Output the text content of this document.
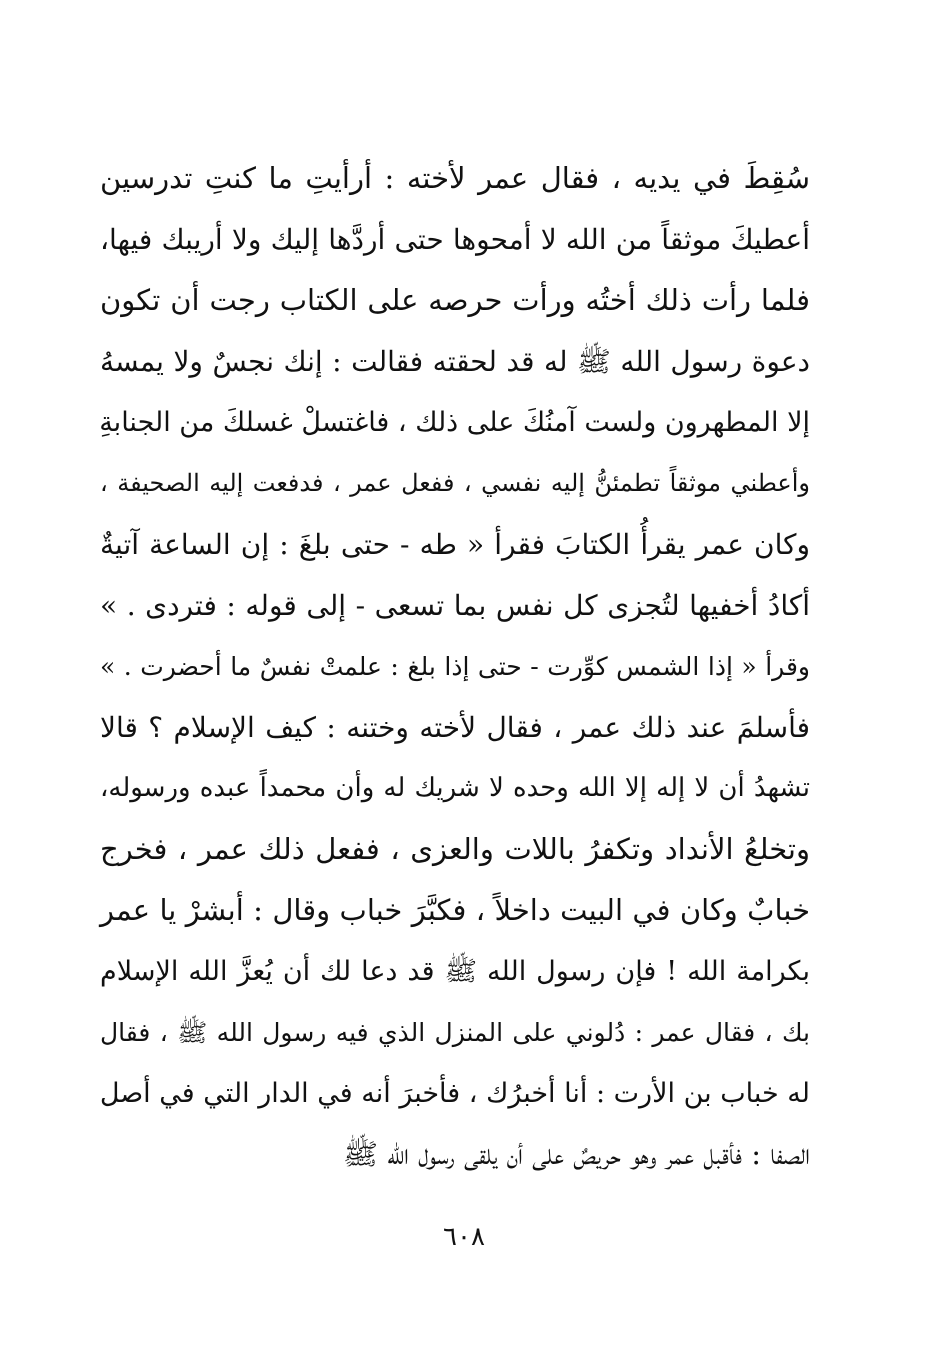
سُقِطَ في يديه ، فقال عمر لأخته : أرأيتِ ما كنتِ تدرسين
أعطيكَ موثقاً من الله لا أمحوها حتى أردَّها إليك ولا أريبك فيها،
فلما رأت ذلك أختُه ورأت حرصه على الكتاب رجت أن تكون
دعوة رسول الله ﷺ له قد لحقته فقالت : إنك نجسٌ ولا يمسهُ
إلا المطهرون ولست آمنُكَ على ذلك ، فاغتسلْ غسلكَ من الجنابةِ
وأعطني موثقاً تطمئنُّ إليه نفسي ، ففعل عمر ، فدفعت إليه الصحيفة ،
وكان عمر يقرأُ الكتابَ فقرأ « طه - حتى بلغَ : إن الساعة آتيةٌ
أكادُ أخفيها لتُجزى كل نفس بما تسعى - إلى قوله : فتردى . »
وقرأ « إذا الشمس كوِّرت - حتى إذا بلغ : علمتْ نفسٌ ما أحضرت . »
فأسلمَ عند ذلك عمر ، فقال لأخته وختنه : كيف الإسلام ؟ قالا
تشهدُ أن لا إله إلا الله وحده لا شريك له وأن محمداً عبده ورسوله،
وتخلعُ الأنداد وتكفرُ باللات والعزى ، ففعل ذلك عمر ، فخرج
خبابٌ وكان في البيت داخلاً ، فكبَّرَ خباب وقال : أبشرْ يا عمر
بكرامة الله ! فإن رسول الله ﷺ قد دعا لك أن يُعزَّ الله الإسلام
بك ، فقال عمر : دُلوني على المنزل الذي فيه رسول الله ﷺ ، فقال
له خباب بن الأرت : أنا أخبرُك ، فأخبرَ أنه في الدار التي في أصل
الصفا : فأقبل عمر وهو حريصٌ على أن يلقى رسول الله ﷺ
٦٠٨
